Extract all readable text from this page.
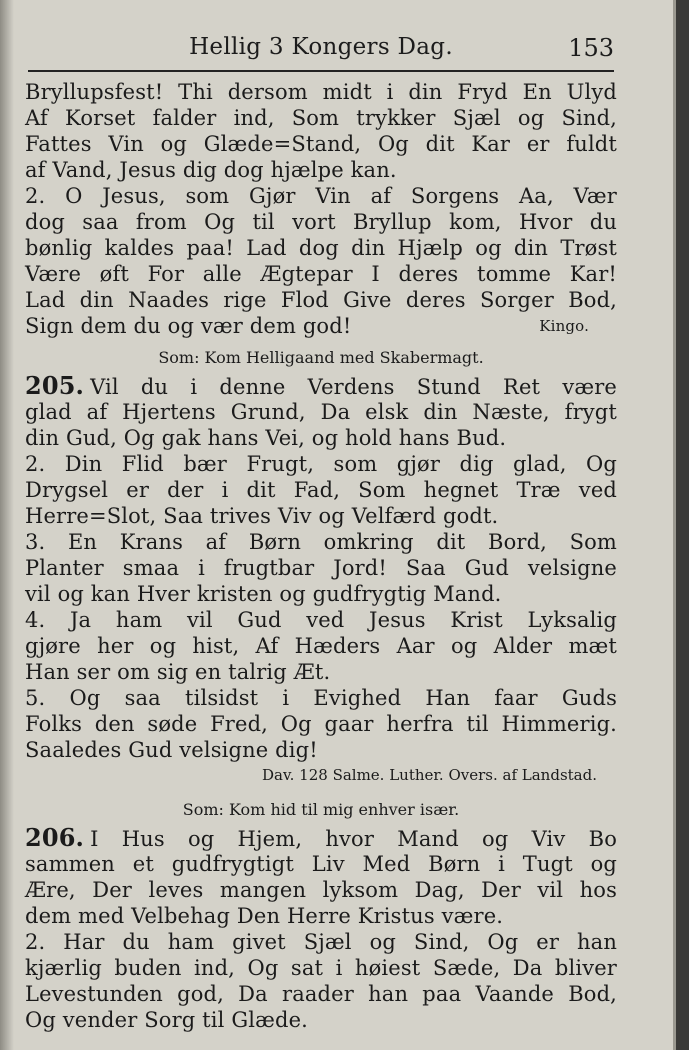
Hellig 3 Kongers Dag.	153
Bryllupsfest! Thi dersom midt i din Fryd En Ulyd
Af Korset falder ind, Som trykker Sjæl og Sind,
Fattes Vin og Glæde=Stand, Og dit Kar er fuldt
af Vand, Jesus dig dog hjælpe kan.
2. O Jesus, som Gjør Vin af Sorgens Aa, Vær
dog saa from Og til vort Bryllup kom, Hvor du
bønlig kaldes paa! Lad dog din Hjælp og din Trøst
Være øft For alle Ægtepar I deres tomme Kar!
Lad din Naades rige Flod Give deres Sorger Bod,
Sign dem du og vær dem god!	Kingo.
Som: Kom Helligaand med Skabermagt.
205. Vil du i denne Verdens Stund Ret være
glad af Hjertens Grund, Da elsk din Næste, frygt
din Gud, Og gak hans Vei, og hold hans Bud.
2. Din Flid bær Frugt, som gjør dig glad, Og
Drygsel er der i dit Fad, Som hegnet Træ ved
Herre=Slot, Saa trives Viv og Velfærd godt.
3. En Krans af Børn omkring dit Bord, Som
Planter smaa i frugtbar Jord! Saa Gud velsigne
vil og kan Hver kristen og gudfrygtig Mand.
4. Ja ham vil Gud ved Jesus Krist Lyksalig
gjøre her og hist, Af Hæders Aar og Alder mæt
Han ser om sig en talrig Æt.
5. Og saa tilsidst i Evighed Han faar Guds
Folks den søde Fred, Og gaar herfra til Himmerig.
Saaledes Gud velsigne dig!
Dav. 128 Salme. Luther. Overs. af Landstad.
Som: Kom hid til mig enhver især.
206. I Hus og Hjem, hvor Mand og Viv Bo
sammen et gudfrygtigt Liv Med Børn i Tugt og
Ære, Der leves mangen lyksom Dag, Der vil hos
dem med Velbehag Den Herre Kristus være.
2. Har du ham givet Sjæl og Sind, Og er han
kjærlig buden ind, Og sat i høiest Sæde, Da bliver
Levestunden god, Da raader han paa Vaande Bod,
Og vender Sorg til Glæde.
